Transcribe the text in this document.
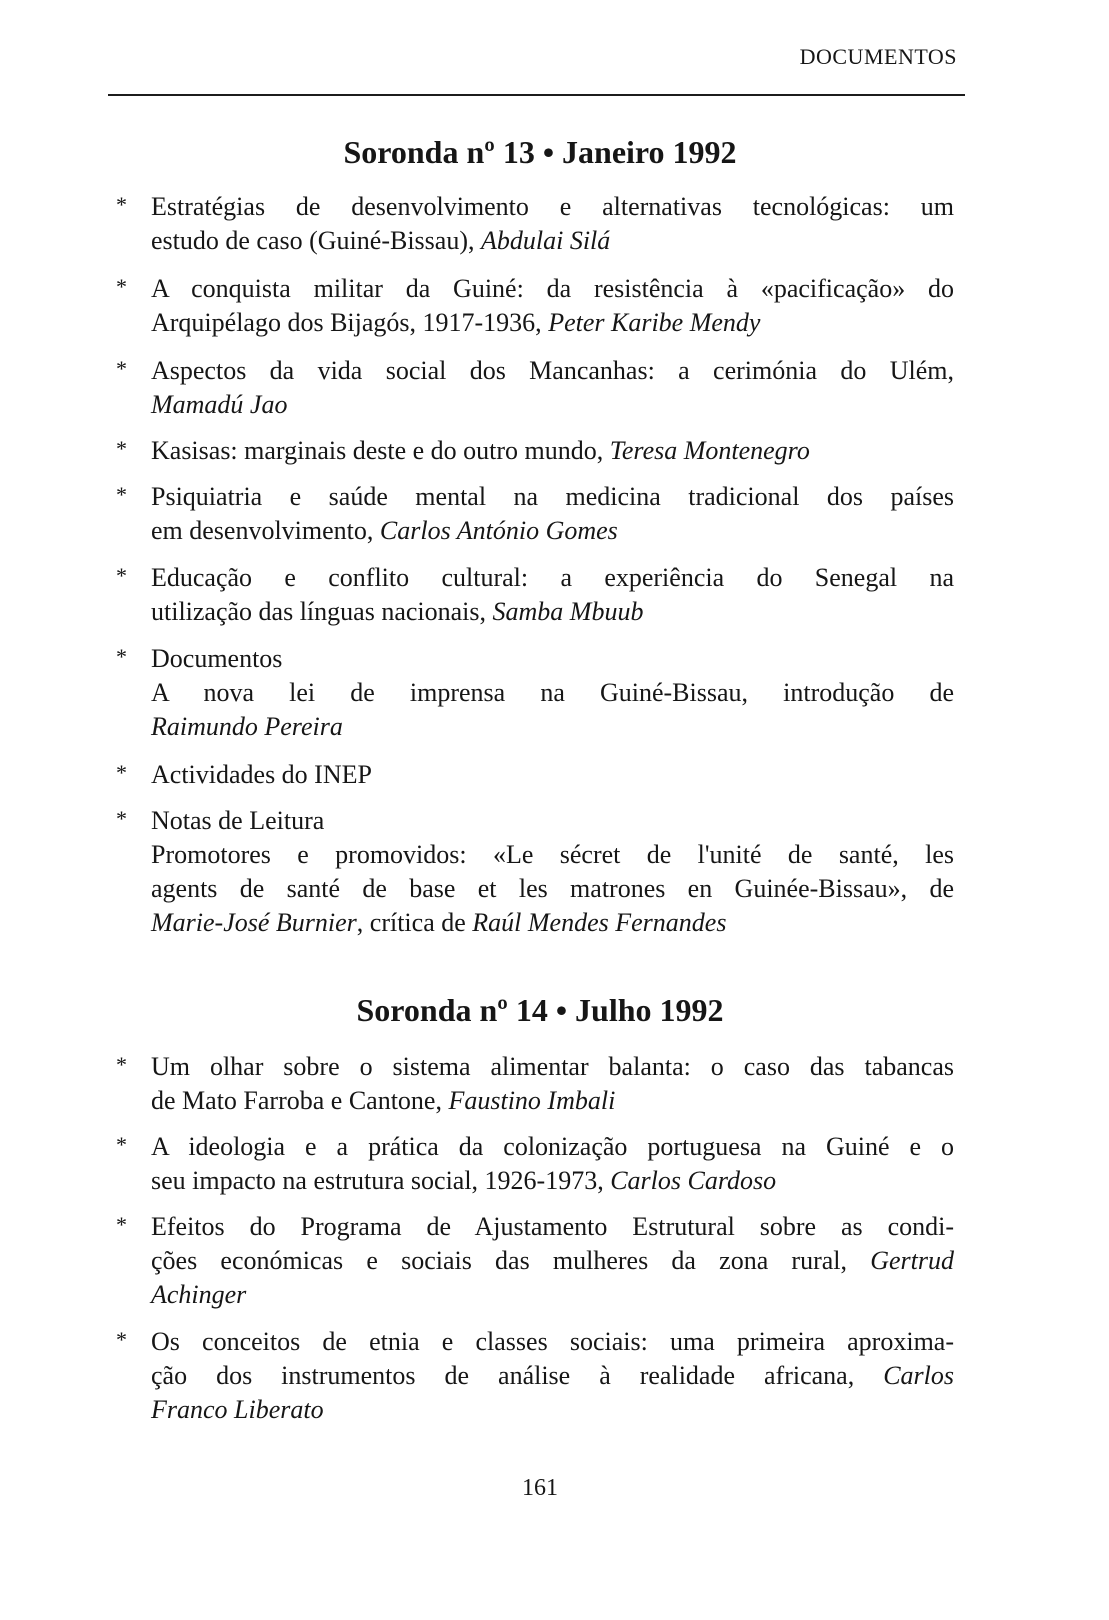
DOCUMENTOS
Soronda nº 13 • Janeiro 1992
* Estratégias de desenvolvimento e alternativas tecnológicas: um
estudo de caso (Guiné-Bissau), Abdulai Silá
* A conquista militar da Guiné: da resistência à «pacificação» do
Arquipélago dos Bijagós, 1917-1936, Peter Karibe Mendy
* Aspectos da vida social dos Mancanhas: a cerimónia do Ulém,
Mamadú Jao
* Kasisas: marginais deste e do outro mundo, Teresa Montenegro
* Psiquiatria e saúde mental na medicina tradicional dos países
em desenvolvimento, Carlos António Gomes
* Educação e conflito cultural: a experiência do Senegal na
utilização das línguas nacionais, Samba Mbuub
* Documentos
A nova lei de imprensa na Guiné-Bissau, introdução de
Raimundo Pereira
* Actividades do INEP
* Notas de Leitura
Promotores e promovidos: «Le sécret de l'unité de santé, les
agents de santé de base et les matrones en Guinée-Bissau», de
Marie-José Burnier, crítica de Raúl Mendes Fernandes
Soronda nº 14 • Julho 1992
* Um olhar sobre o sistema alimentar balanta: o caso das tabancas
de Mato Farroba e Cantone, Faustino Imbali
* A ideologia e a prática da colonização portuguesa na Guiné e o
seu impacto na estrutura social, 1926-1973, Carlos Cardoso
* Efeitos do Programa de Ajustamento Estrutural sobre as condi-
ções económicas e sociais das mulheres da zona rural, Gertrud
Achinger
* Os conceitos de etnia e classes sociais: uma primeira aproxima-
ção dos instrumentos de análise à realidade africana, Carlos
Franco Liberato
161
